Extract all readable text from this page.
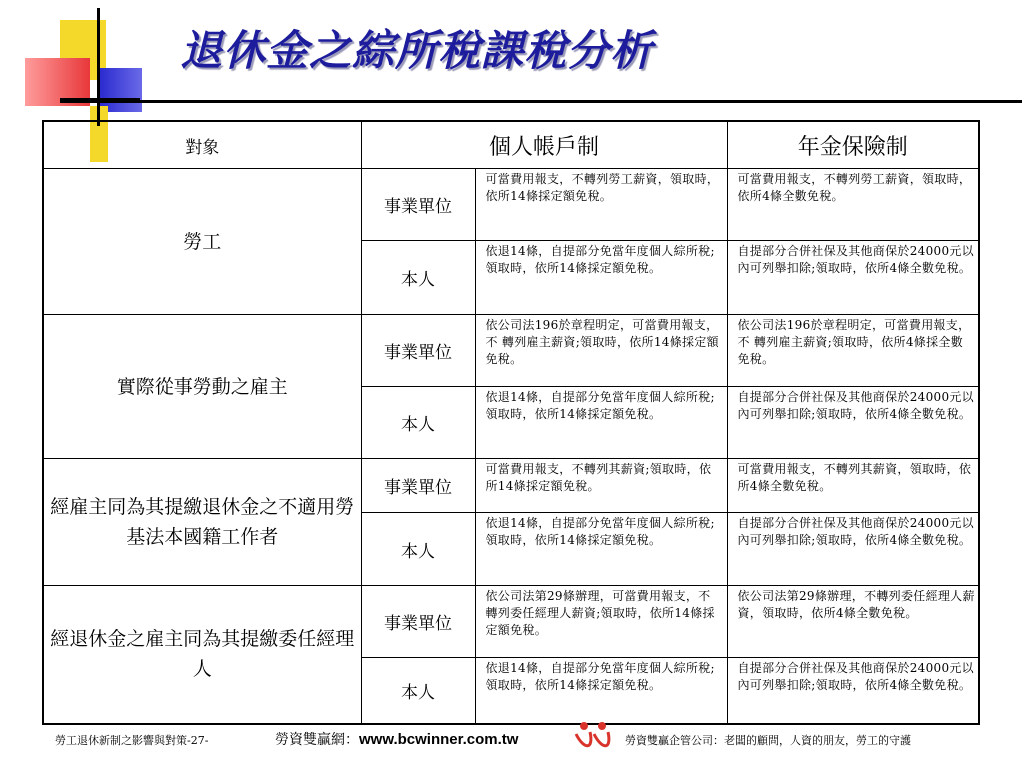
退休金之綜所稅課稅分析
對象	個人帳戶制		年金保險制
勞工	事業單位	可當費用報支，不轉列勞工薪資，領取時，依所14條採定額免稅。	可當費用報支，不轉列勞工薪資，領取時，依所4條全數免稅。
	本人	依退14條，自提部分免當年度個人綜所稅;領取時，依所14條採定額免稅。	自提部分合併社保及其他商保於24000元以內可列舉扣除;領取時，依所4條全數免稅。
實際從事勞動之雇主	事業單位	依公司法196於章程明定，可當費用報支，不 轉列雇主薪資;領取時，依所14條採定額免稅。	依公司法196於章程明定，可當費用報支，不 轉列雇主薪資;領取時，依所4條採全數免稅。
	本人	依退14條，自提部分免當年度個人綜所稅;領取時，依所14條採定額免稅。	自提部分合併社保及其他商保於24000元以內可列舉扣除;領取時，依所4條全數免稅。
經雇主同為其提繳退休金之不適用勞基法本國籍工作者	事業單位	可當費用報支，不轉列其薪資;領取時，依所14條採定額免稅。	可當費用報支，不轉列其薪資，領取時，依所4條全數免稅。
	本人	依退14條，自提部分免當年度個人綜所稅;領取時，依所14條採定額免稅。	自提部分合併社保及其他商保於24000元以內可列舉扣除;領取時，依所4條全數免稅。
經退休金之雇主同為其提繳委任經理人	事業單位	依公司法第29條辦理，可當費用報支，不 轉列委任經理人薪資;領取時，依所14條採定額免稅。	依公司法第29條辦理，不轉列委任經理人薪資，領取時，依所4條全數免稅。
	本人	依退14條，自提部分免當年度個人綜所稅;領取時，依所14條採定額免稅。	自提部分合併社保及其他商保於24000元以內可列舉扣除;領取時，依所4條全數免稅。
勞工退休新制之影響與對策-27-	勞資雙贏網：www.bcwinner.com.tw	勞資雙贏企管公司：老闆的顧問，人資的朋友，勞工的守護
